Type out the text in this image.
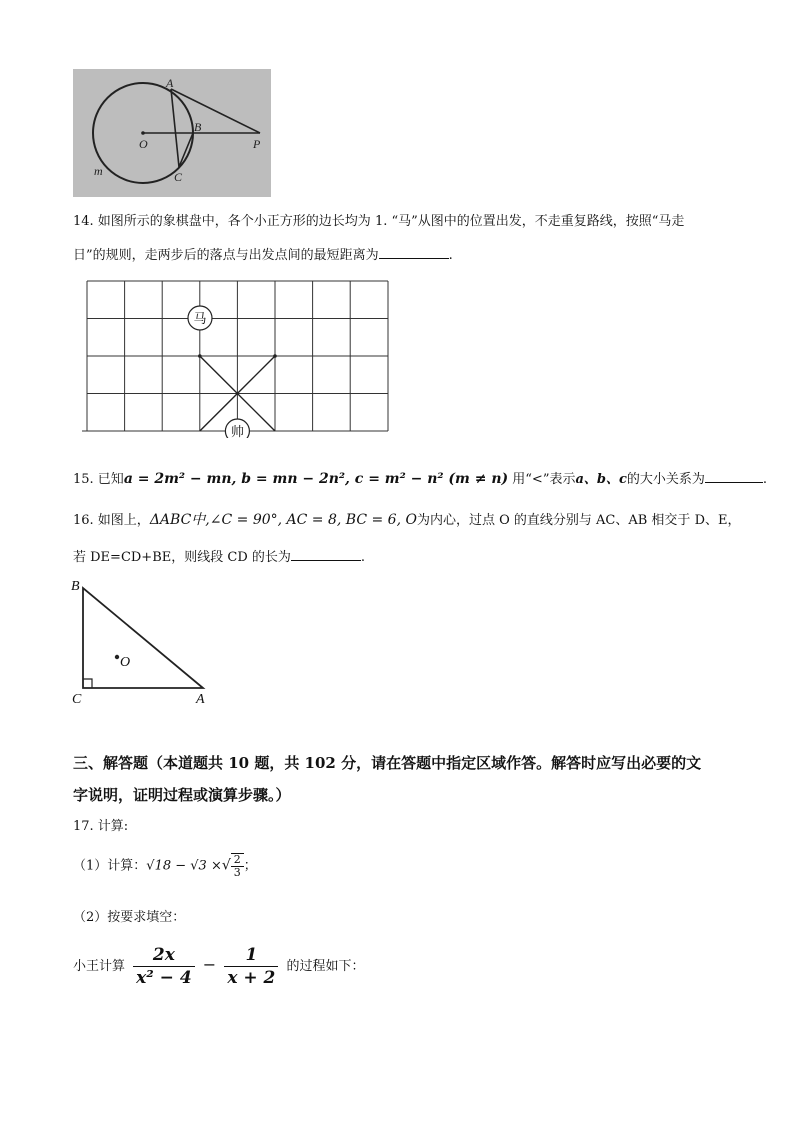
A
B
O	P
m	C
14. 如图所示的象棋盘中，各个小正方形的边长均为 1. “马”从图中的位置出发，不走重复路线，按照“马走
日”的规则，走两步后的落点与出发点间的最短距离为	.
马
帅
15. 已知a = 2m² − mn, b = mn − 2n², c = m² − n² (m ≠ n) 用“<”表示a、b、c的大小关系为	.
16. 如图上，ΔABC中,∠C = 90°, AC = 8, BC = 6, O为内心，过点 O 的直线分别与 AC、AB 相交于 D、E，
若 DE=CD+BE，则线段 CD 的长为	.
B
O
C	A
三、解答题（本道题共 10 题，共 102 分，请在答题中指定区域作答。解答时应写出必要的文
字说明，证明过程或演算步骤。）
17. 计算:
（1）计算：√18 − √3 ×√ $\frac{2}{3}$ ；
（2）按要求填空：
小王计算 $\frac{2x}{\text{x² − 4}} - \frac{1}{x + 2}$ 的过程如下：
